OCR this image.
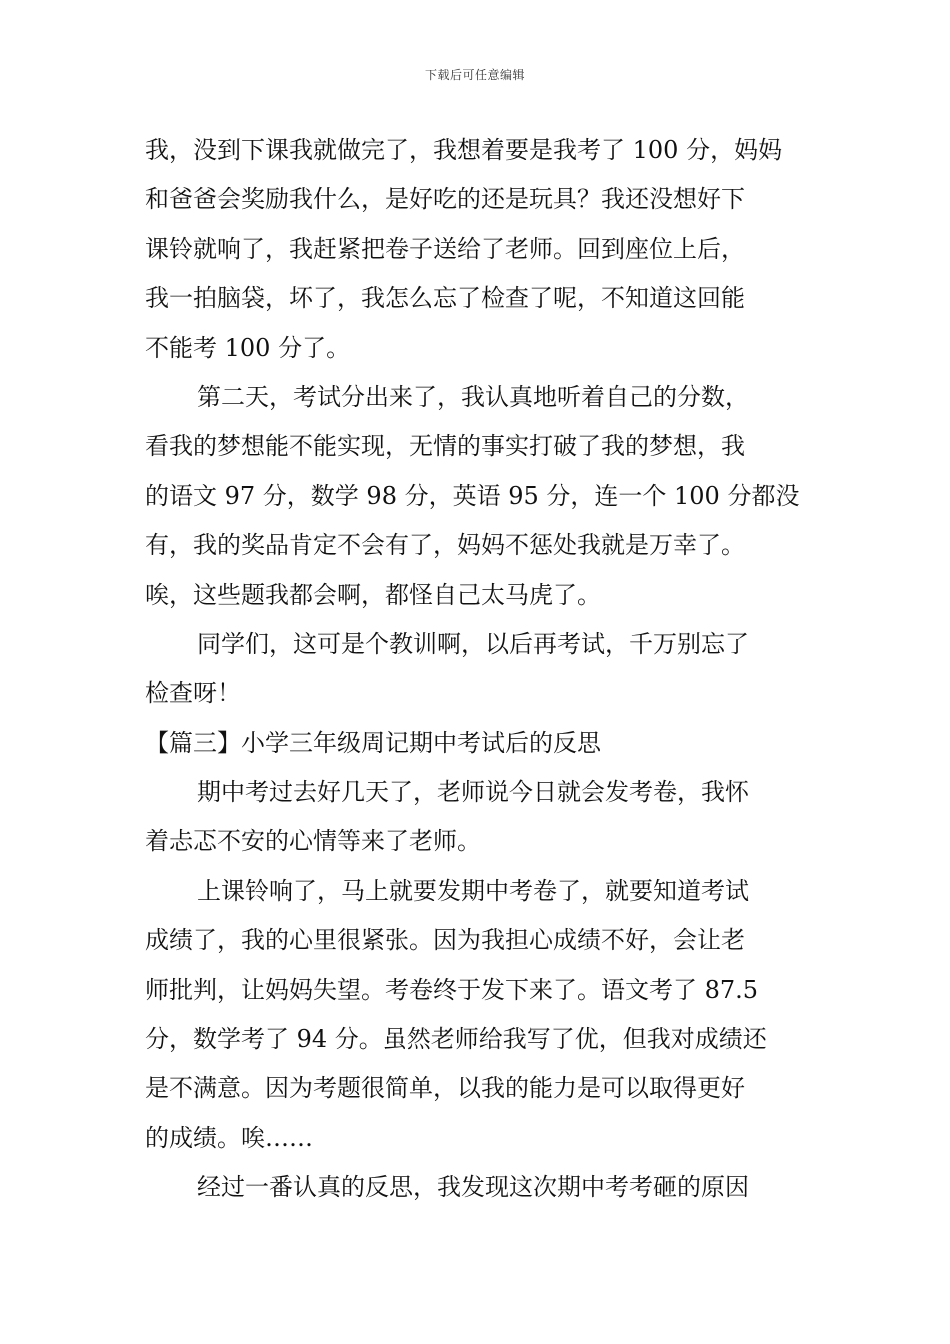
下载后可任意编辑
我，没到下课我就做完了，我想着要是我考了 100 分，妈妈
和爸爸会奖励我什么，是好吃的还是玩具？我还没想好下
课铃就响了，我赶紧把卷子送给了老师。回到座位上后，
我一拍脑袋，坏了，我怎么忘了检查了呢，不知道这回能
不能考 100 分了。
第二天，考试分出来了，我认真地听着自己的分数，
看我的梦想能不能实现，无情的事实打破了我的梦想，我
的语文 97 分，数学 98 分，英语 95 分，连一个 100 分都没
有，我的奖品肯定不会有了，妈妈不惩处我就是万幸了。
唉，这些题我都会啊，都怪自己太马虎了。
同学们，这可是个教训啊，以后再考试，千万别忘了
检查呀！
【篇三】小学三年级周记期中考试后的反思
期中考过去好几天了，老师说今日就会发考卷，我怀
着忐忑不安的心情等来了老师。
上课铃响了，马上就要发期中考卷了，就要知道考试
成绩了，我的心里很紧张。因为我担心成绩不好，会让老
师批判，让妈妈失望。考卷终于发下来了。语文考了 87.5
分，数学考了 94 分。虽然老师给我写了优，但我对成绩还
是不满意。因为考题很简单，以我的能力是可以取得更好
的成绩。唉……
经过一番认真的反思，我发现这次期中考考砸的原因
